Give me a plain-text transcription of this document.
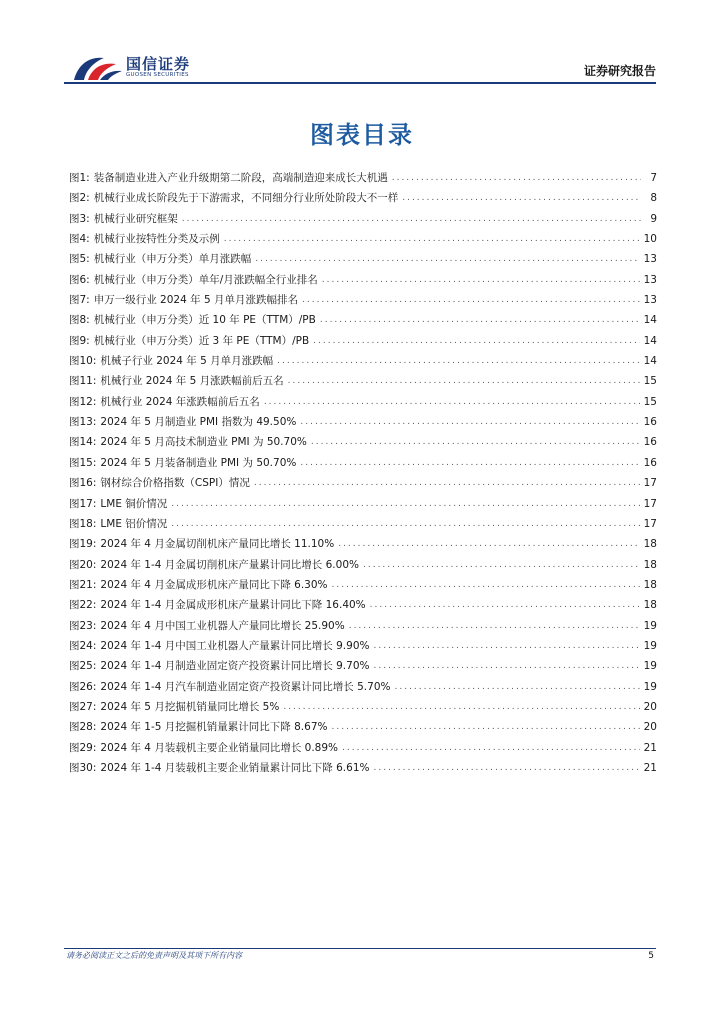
国信证券
GUOSEN SECURITIES	证券研究报告
图表目录
图1: 装备制造业进入产业升级期第二阶段，高端制造迎来成长大机遇 .....	7
图2: 机械行业成长阶段先于下游需求，不同细分行业所处阶段大不一样 .....	8
图3: 机械行业研究框架 .....	9
图4: 机械行业按特性分类及示例 .....	10
图5: 机械行业（申万分类）单月涨跌幅 .....	13
图6: 机械行业（申万分类）单年/月涨跌幅全行业排名 .....	13
图7: 申万一级行业 2024 年 5 月单月涨跌幅排名 .....	13
图8: 机械行业（申万分类）近 10 年 PE（TTM）/PB .....	14
图9: 机械行业（申万分类）近 3 年 PE（TTM）/PB .....	14
图10: 机械子行业 2024 年 5 月单月涨跌幅 .....	14
图11: 机械行业 2024 年 5 月涨跌幅前后五名 .....	15
图12: 机械行业 2024 年涨跌幅前后五名 .....	15
图13: 2024 年 5 月制造业 PMI 指数为 49.50% .....	16
图14: 2024 年 5 月高技术制造业 PMI 为 50.70% .....	16
图15: 2024 年 5 月装备制造业 PMI 为 50.70% .....	16
图16: 钢材综合价格指数（CSPI）情况 .....	17
图17: LME 铜价情况 .....	17
图18: LME 铝价情况 .....	17
图19: 2024 年 4 月金属切削机床产量同比增长 11.10% .....	18
图20: 2024 年 1-4 月金属切削机床产量累计同比增长 6.00% .....	18
图21: 2024 年 4 月金属成形机床产量同比下降 6.30% .....	18
图22: 2024 年 1-4 月金属成形机床产量累计同比下降 16.40% .....	18
图23: 2024 年 4 月中国工业机器人产量同比增长 25.90% .....	19
图24: 2024 年 1-4 月中国工业机器人产量累计同比增长 9.90% .....	19
图25: 2024 年 1-4 月制造业固定资产投资累计同比增长 9.70% .....	19
图26: 2024 年 1-4 月汽车制造业固定资产投资累计同比增长 5.70% .....	19
图27: 2024 年 5 月挖掘机销量同比增长 5% .....	20
图28: 2024 年 1-5 月挖掘机销量累计同比下降 8.67% .....	20
图29: 2024 年 4 月装载机主要企业销量同比增长 0.89% .....	21
图30: 2024 年 1-4 月装载机主要企业销量累计同比下降 6.61% .....	21
请务必阅读正文之后的免责声明及其项下所有内容	5
